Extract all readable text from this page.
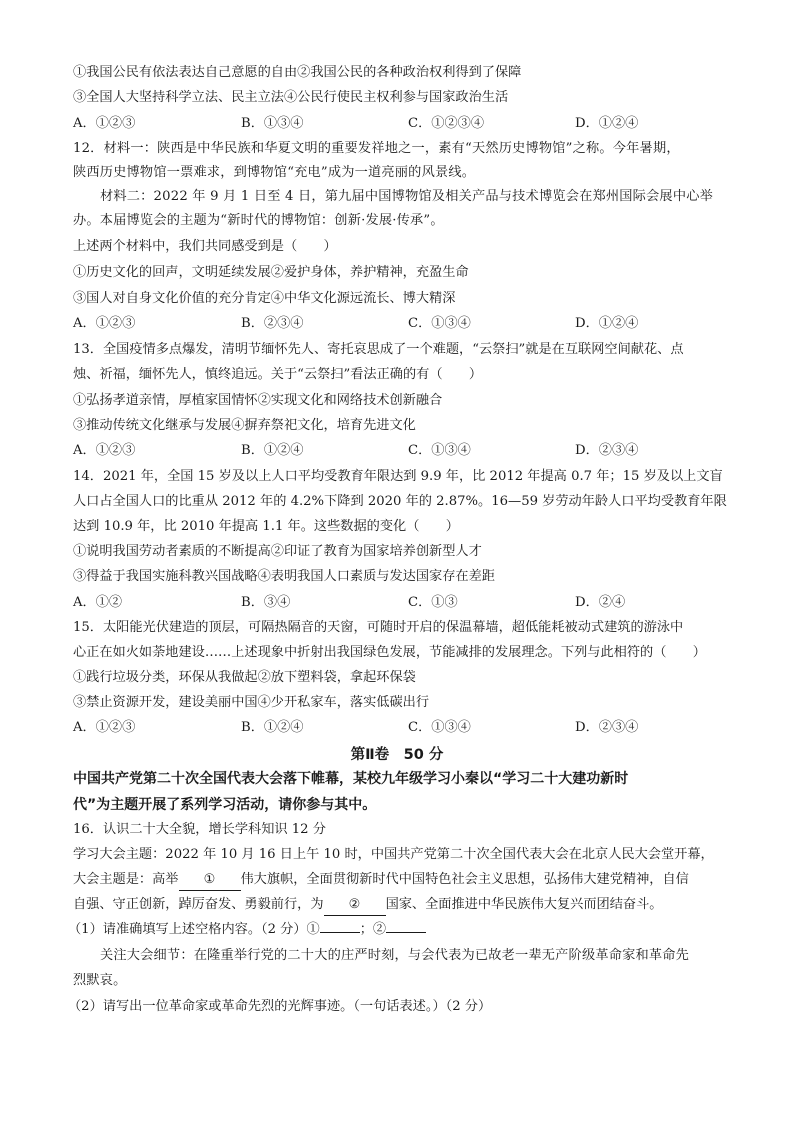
①我国公民有依法表达自己意愿的自由②我国公民的各种政治权利得到了保障
③全国人大坚持科学立法、民主立法④公民行使民主权利参与国家政治生活
A．①②③	B．①③④	C．①②③④	D．①②④
12．材料一：陕西是中华民族和华夏文明的重要发祥地之一，素有“天然历史博物馆”之称。今年暑期，
陕西历史博物馆一票难求，到博物馆“充电”成为一道亮丽的风景线。
材料二：2022 年 9 月 1 日至 4 日，第九届中国博物馆及相关产品与技术博览会在郑州国际会展中心举
办。本届博览会的主题为“新时代的博物馆：创新·发展·传承”。
上述两个材料中，我们共同感受到是（　　）
①历史文化的回声，文明延续发展②爱护身体，养护精神，充盈生命
③国人对自身文化价值的充分肯定④中华文化源远流长、博大精深
A．①②③	B．②③④	C．①③④	D．①②④
13．全国疫情多点爆发，清明节缅怀先人、寄托哀思成了一个难题，“云祭扫”就是在互联网空间献花、点
烛、祈福，缅怀先人，慎终追远。关于“云祭扫”看法正确的有（　　）
①弘扬孝道亲情，厚植家国情怀②实现文化和网络技术创新融合
③推动传统文化继承与发展④摒弃祭祀文化，培育先进文化
A．①②③	B．①②④	C．①③④	D．②③④
14．2021 年，全国 15 岁及以上人口平均受教育年限达到 9.9 年，比 2012 年提高 0.7 年；15 岁及以上文盲
人口占全国人口的比重从 2012 年的 4.2%下降到 2020 年的 2.87%。16—59 岁劳动年龄人口平均受教育年限
达到 10.9 年，比 2010 年提高 1.1 年。这些数据的变化（　　）
①说明我国劳动者素质的不断提高②印证了教育为国家培养创新型人才
③得益于我国实施科教兴国战略④表明我国人口素质与发达国家存在差距
A．①②	B．③④	C．①③	D．②④
15．太阳能光伏建造的顶层，可隔热隔音的天窗，可随时开启的保温幕墙，超低能耗被动式建筑的游泳中
心正在如火如荼地建设……上述现象中折射出我国绿色发展，节能减排的发展理念。下列与此相符的（　　）
①践行垃圾分类，环保从我做起②放下塑料袋，拿起环保袋
③禁止资源开发，建设美丽中国④少开私家车，落实低碳出行
A．①②③	B．①②④	C．①③④	D．②③④
第Ⅱ卷　50 分
中国共产党第二十次全国代表大会落下帷幕，某校九年级学习小秦以“学习二十大建功新时
代”为主题开展了系列学习活动，请你参与其中。
16．认识二十大全貌，增长学科知识 12 分
学习大会主题：2022 年 10 月 16 日上午 10 时，中国共产党第二十次全国代表大会在北京人民大会堂开幕，
大会主题是：高举 ① 伟大旗帜，全面贯彻新时代中国特色社会主义思想，弘扬伟大建党精神，自信
自强、守正创新，踔厉奋发、勇毅前行，为 ② 国家、全面推进中华民族伟大复兴而团结奋斗。
（1）请准确填写上述空格内容。（2 分）①	；②
关注大会细节：在隆重举行党的二十大的庄严时刻，与会代表为已故老一辈无产阶级革命家和革命先
烈默哀。
（2）请写出一位革命家或革命先烈的光辉事迹。（一句话表述。）（2 分）
